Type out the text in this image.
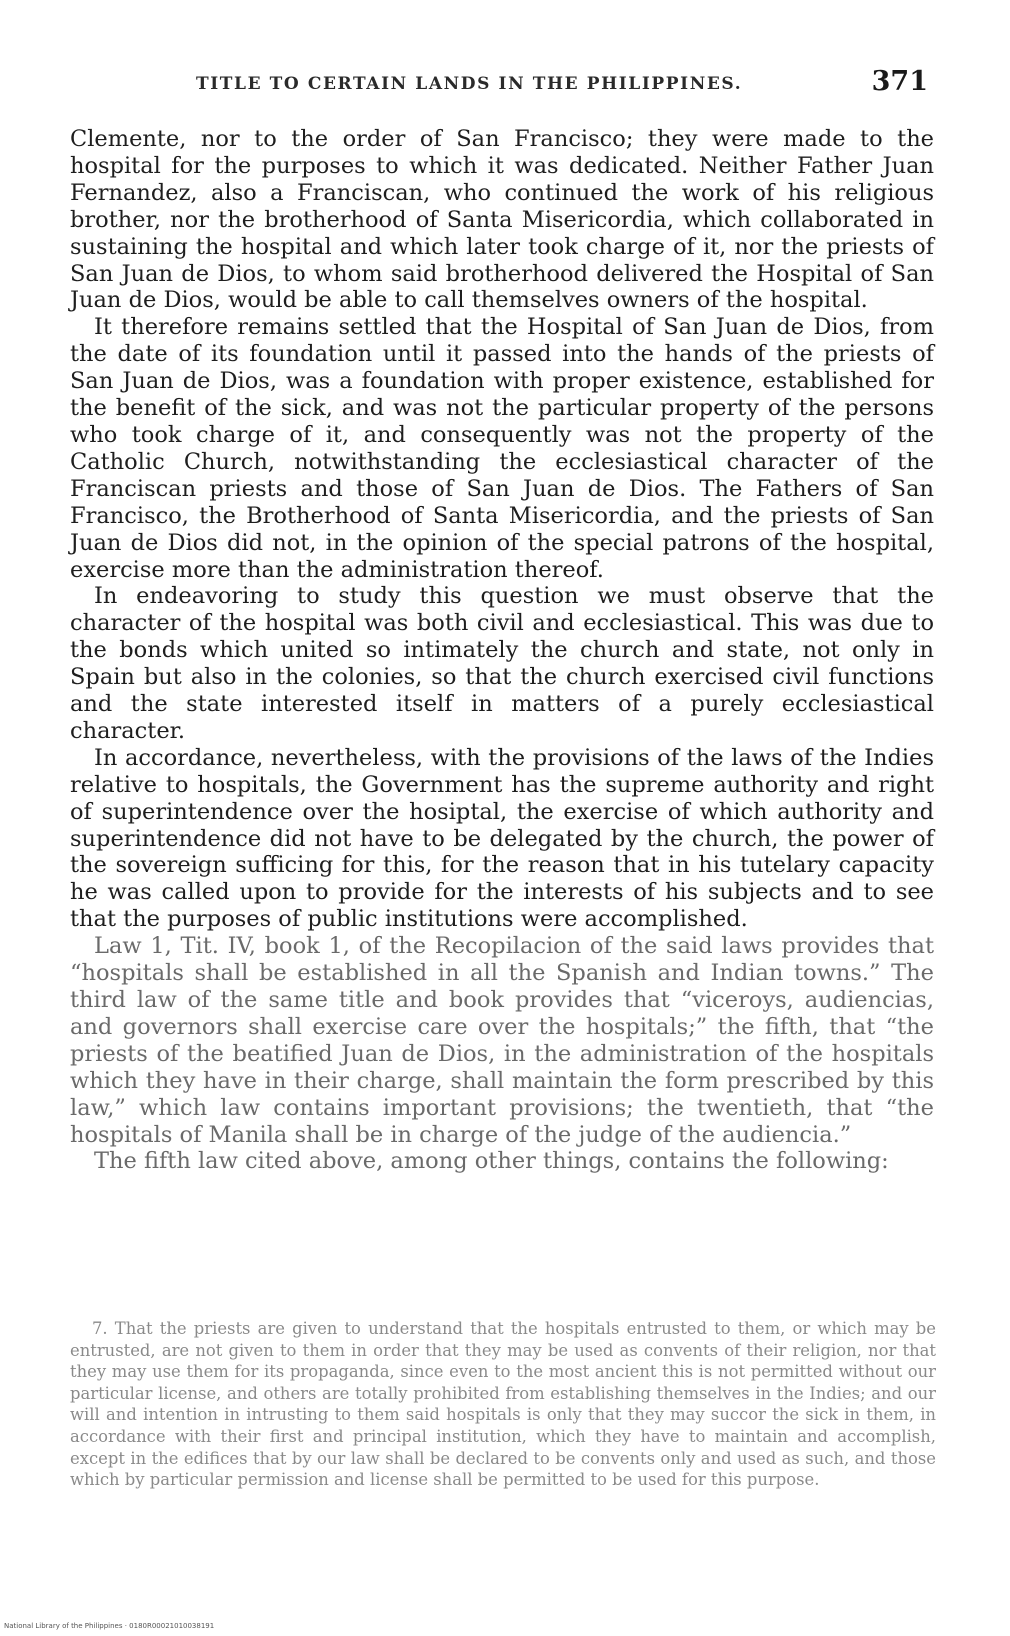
TITLE TO CERTAIN LANDS IN THE PHILIPPINES.	371

Clemente, nor to the order of San Francisco; they were made to the hospital for the purposes to which it was dedicated. Neither Father Juan Fernandez, also a Franciscan, who continued the work of his religious brother, nor the brotherhood of Santa Misericordia, which collaborated in sustaining the hospital and which later took charge of it, nor the priests of San Juan de Dios, to whom said brotherhood delivered the Hospital of San Juan de Dios, would be able to call themselves owners of the hospital.

It therefore remains settled that the Hospital of San Juan de Dios, from the date of its foundation until it passed into the hands of the priests of San Juan de Dios, was a foundation with proper existence, established for the benefit of the sick, and was not the particular property of the persons who took charge of it, and consequently was not the property of the Catholic Church, notwithstanding the ecclesiastical character of the Franciscan priests and those of San Juan de Dios. The Fathers of San Francisco, the Brotherhood of Santa Misericordia, and the priests of San Juan de Dios did not, in the opinion of the special patrons of the hospital, exercise more than the administration thereof.

In endeavoring to study this question we must observe that the character of the hospital was both civil and ecclesiastical. This was due to the bonds which united so intimately the church and state, not only in Spain but also in the colonies, so that the church exercised civil functions and the state interested itself in matters of a purely ecclesiastical character.

In accordance, nevertheless, with the provisions of the laws of the Indies relative to hospitals, the Government has the supreme authority and right of superintendence over the hosiptal, the exercise of which authority and superintendence did not have to be delegated by the church, the power of the sovereign sufficing for this, for the reason that in his tutelary capacity he was called upon to provide for the interests of his subjects and to see that the purposes of public institutions were accomplished.

Law 1, Tit. IV, book 1, of the Recopilacion of the said laws provides that “hospitals shall be established in all the Spanish and Indian towns.” The third law of the same title and book provides that “viceroys, audiencias, and governors shall exercise care over the hospitals;” the fifth, that “the priests of the beatified Juan de Dios, in the administration of the hospitals which they have in their charge, shall maintain the form prescribed by this law,” which law contains important provisions; the twentieth, that “the hospitals of Manila shall be in charge of the judge of the audiencia.”

The fifth law cited above, among other things, contains the following:

7. That the priests are given to understand that the hospitals entrusted to them, or which may be entrusted, are not given to them in order that they may be used as convents of their religion, nor that they may use them for its propaganda, since even to the most ancient this is not permitted without our particular license, and others are totally prohibited from establishing themselves in the Indies; and our will and intention in intrusting to them said hospitals is only that they may succor the sick in them, in accordance with their first and principal institution, which they have to maintain and accomplish, except in the edifices that by our law shall be declared to be convents only and used as such, and those which by particular permission and license shall be permitted to be used for this purpose.

National Library of the Philippines · 0180R00021010038191
